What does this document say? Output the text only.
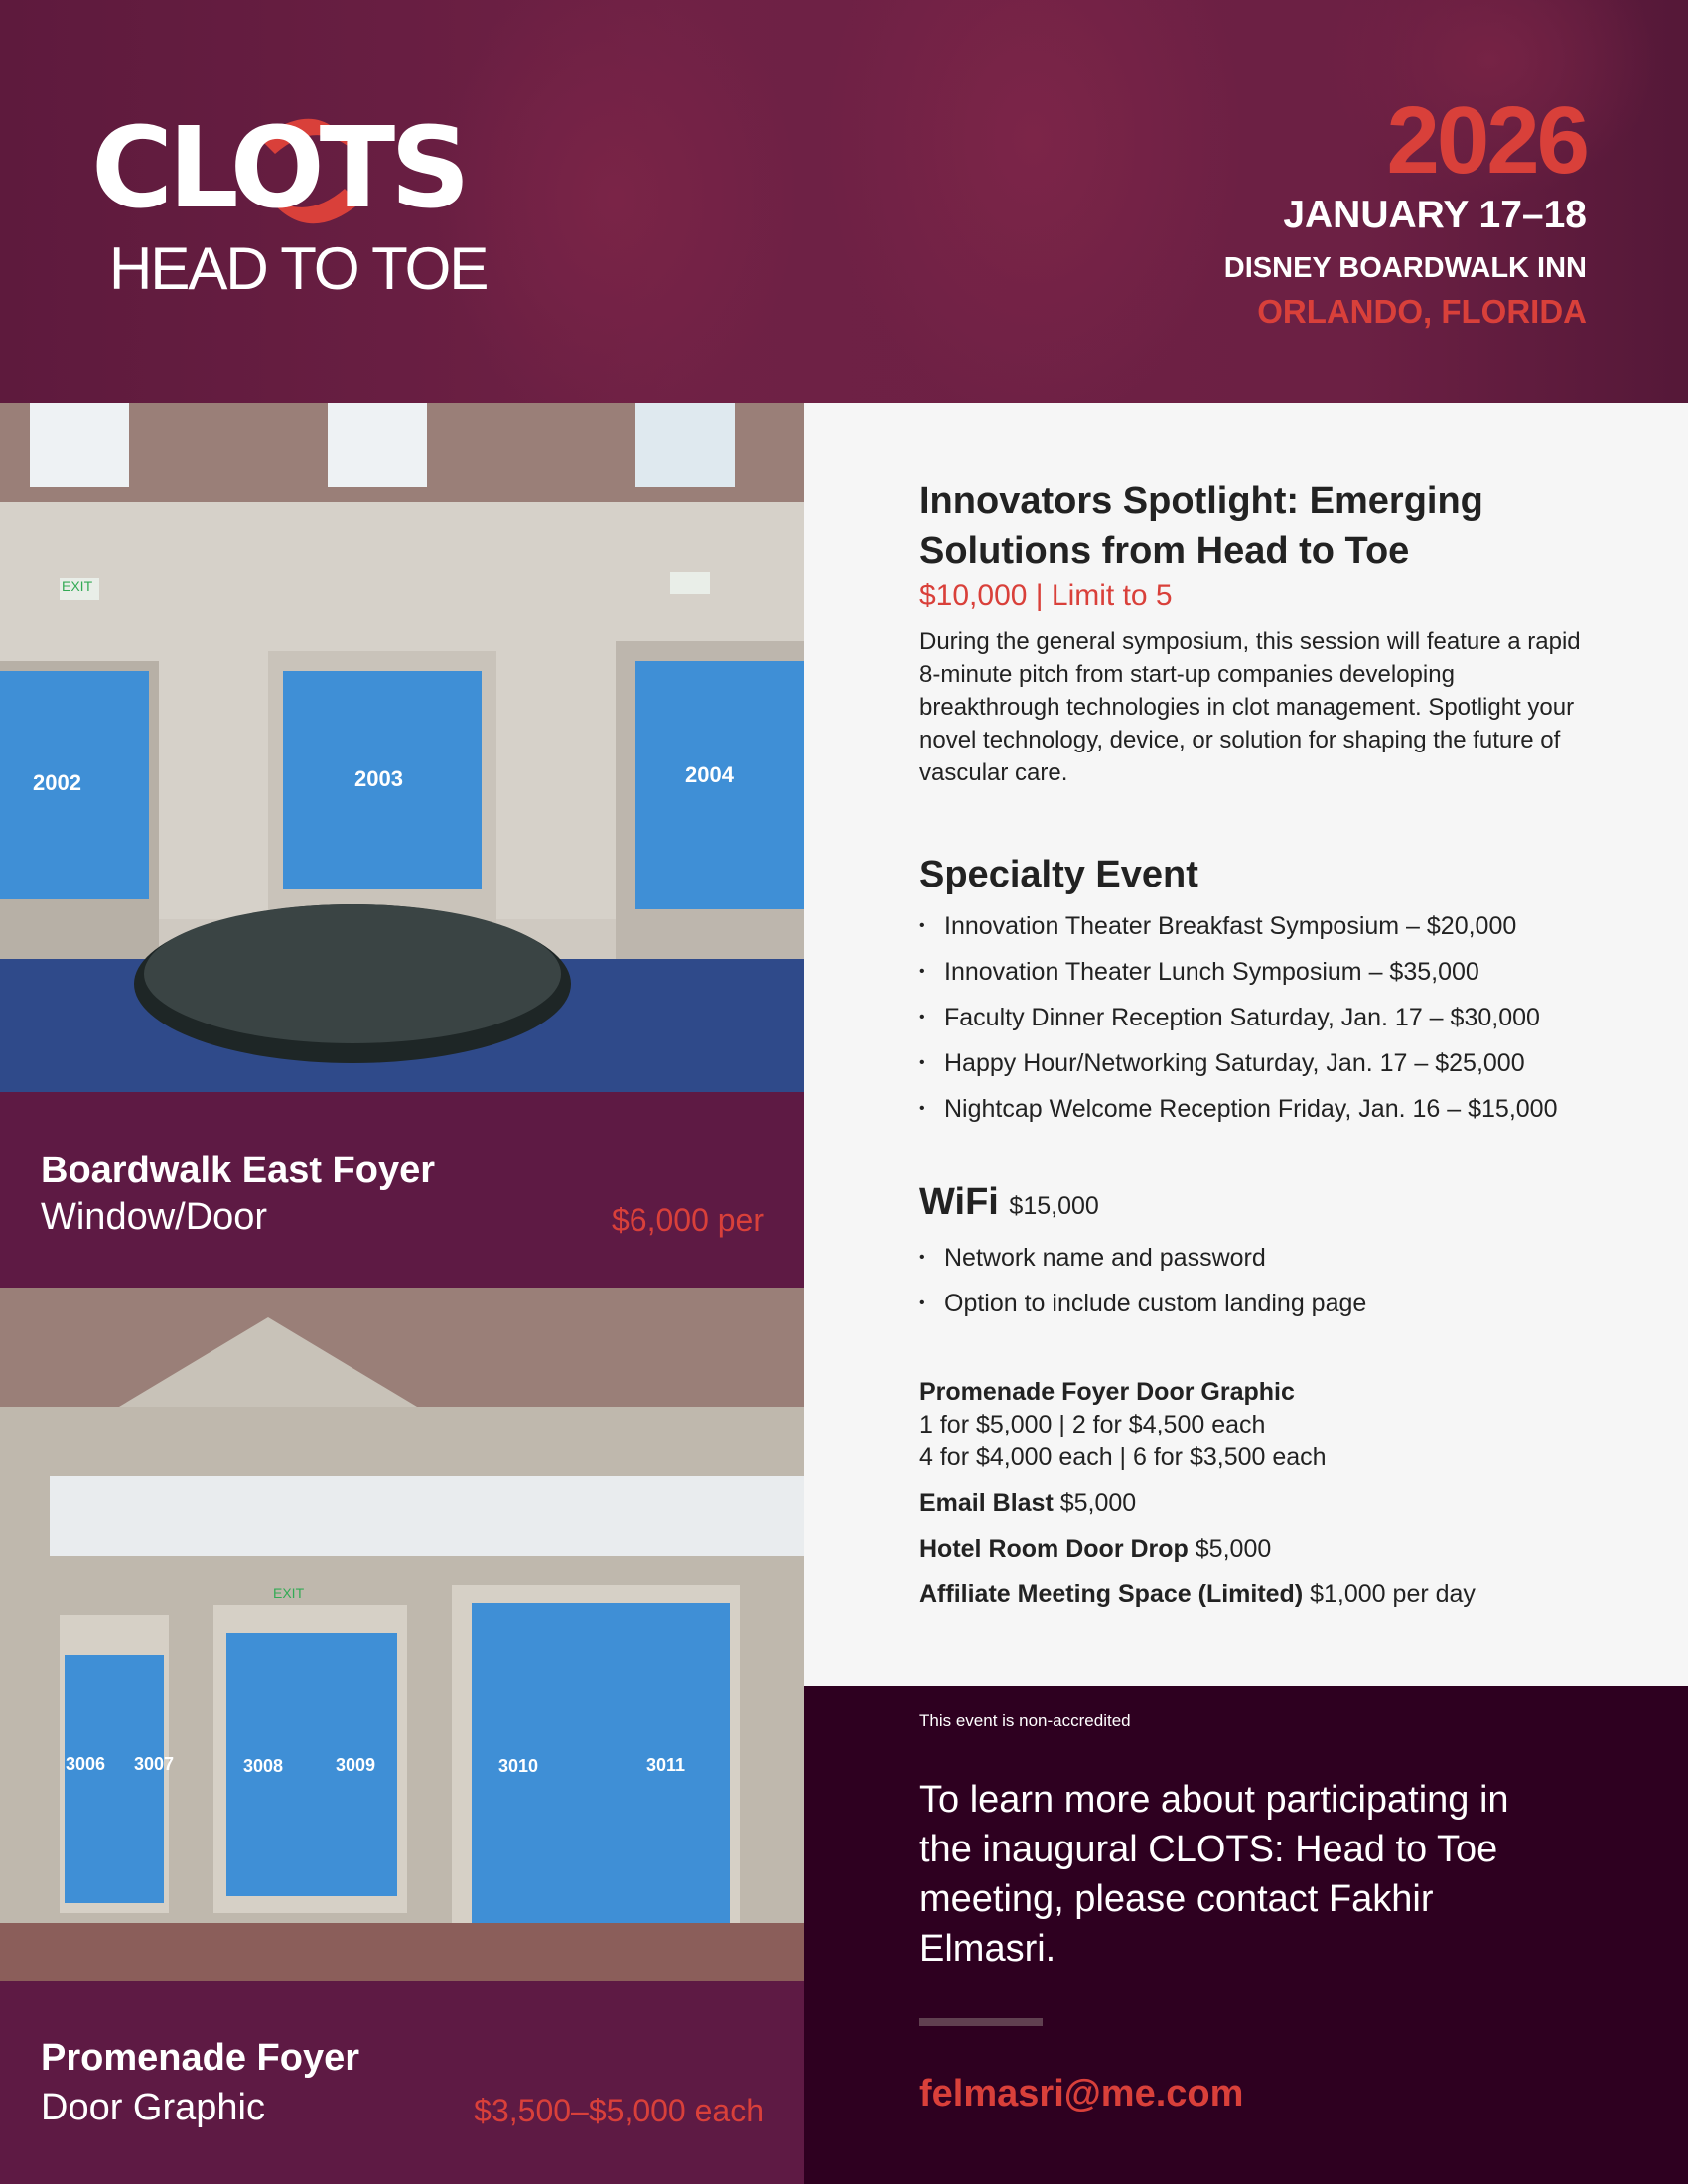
CLOTS
HEAD TO TOE
2026
JANUARY 17–18
DISNEY BOARDWALK INN
ORLANDO, FLORIDA
EXIT
2002	2003	2004
Boardwalk East Foyer
Window/Door	$6,000 per
EXIT
3006 3007	3008	3009	3010	3011
Promenade Foyer
Door Graphic	$3,500–$5,000 each
Innovators Spotlight: Emerging Solutions from Head to Toe
$10,000 | Limit to 5

During the general symposium, this session will feature a rapid 8-minute pitch from start-up companies developing breakthrough technologies in clot management. Spotlight your novel technology, device, or solution for shaping the future of vascular care.

Specialty Event
• Innovation Theater Breakfast Symposium – $20,000
• Innovation Theater Lunch Symposium – $35,000
• Faculty Dinner Reception Saturday, Jan. 17 – $30,000
• Happy Hour/Networking Saturday, Jan. 17 – $25,000
• Nightcap Welcome Reception Friday, Jan. 16 – $15,000
WiFi $15,000
• Network name and password
• Option to include custom landing page
Promenade Foyer Door Graphic
1 for $5,000 | 2 for $4,500 each
4 for $4,000 each | 6 for $3,500 each
Email Blast $5,000
Hotel Room Door Drop $5,000
Affiliate Meeting Space (Limited) $1,000 per day
This event is non-accredited
To learn more about participating in the inaugural CLOTS: Head to Toe meeting, please contact Fakhir Elmasri.
felmasri@me.com
